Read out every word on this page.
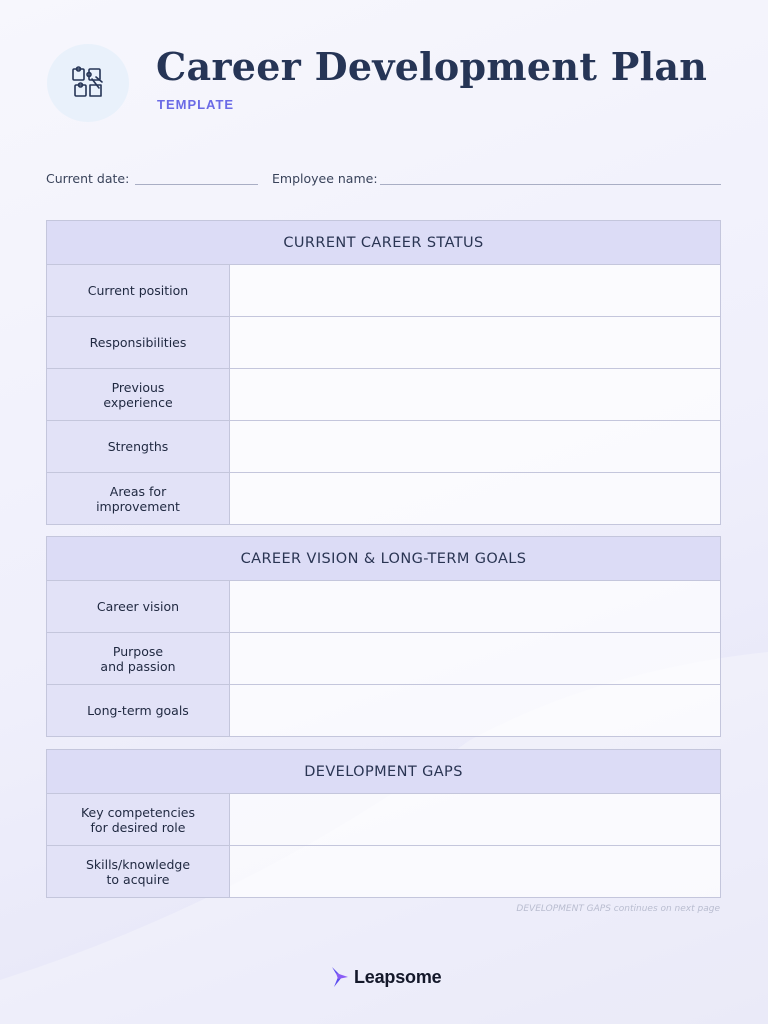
Career Development Plan
TEMPLATE
Current date:	Employee name:
CURRENT CAREER STATUS
Current position
Responsibilities
Previous
experience
Strengths
Areas for
improvement
CAREER VISION & LONG-TERM GOALS
Career vision
Purpose
and passion
Long-term goals
DEVELOPMENT GAPS
Key competencies
for desired role
Skills/knowledge
to acquire
DEVELOPMENT GAPS continues on next page
Leapsome
